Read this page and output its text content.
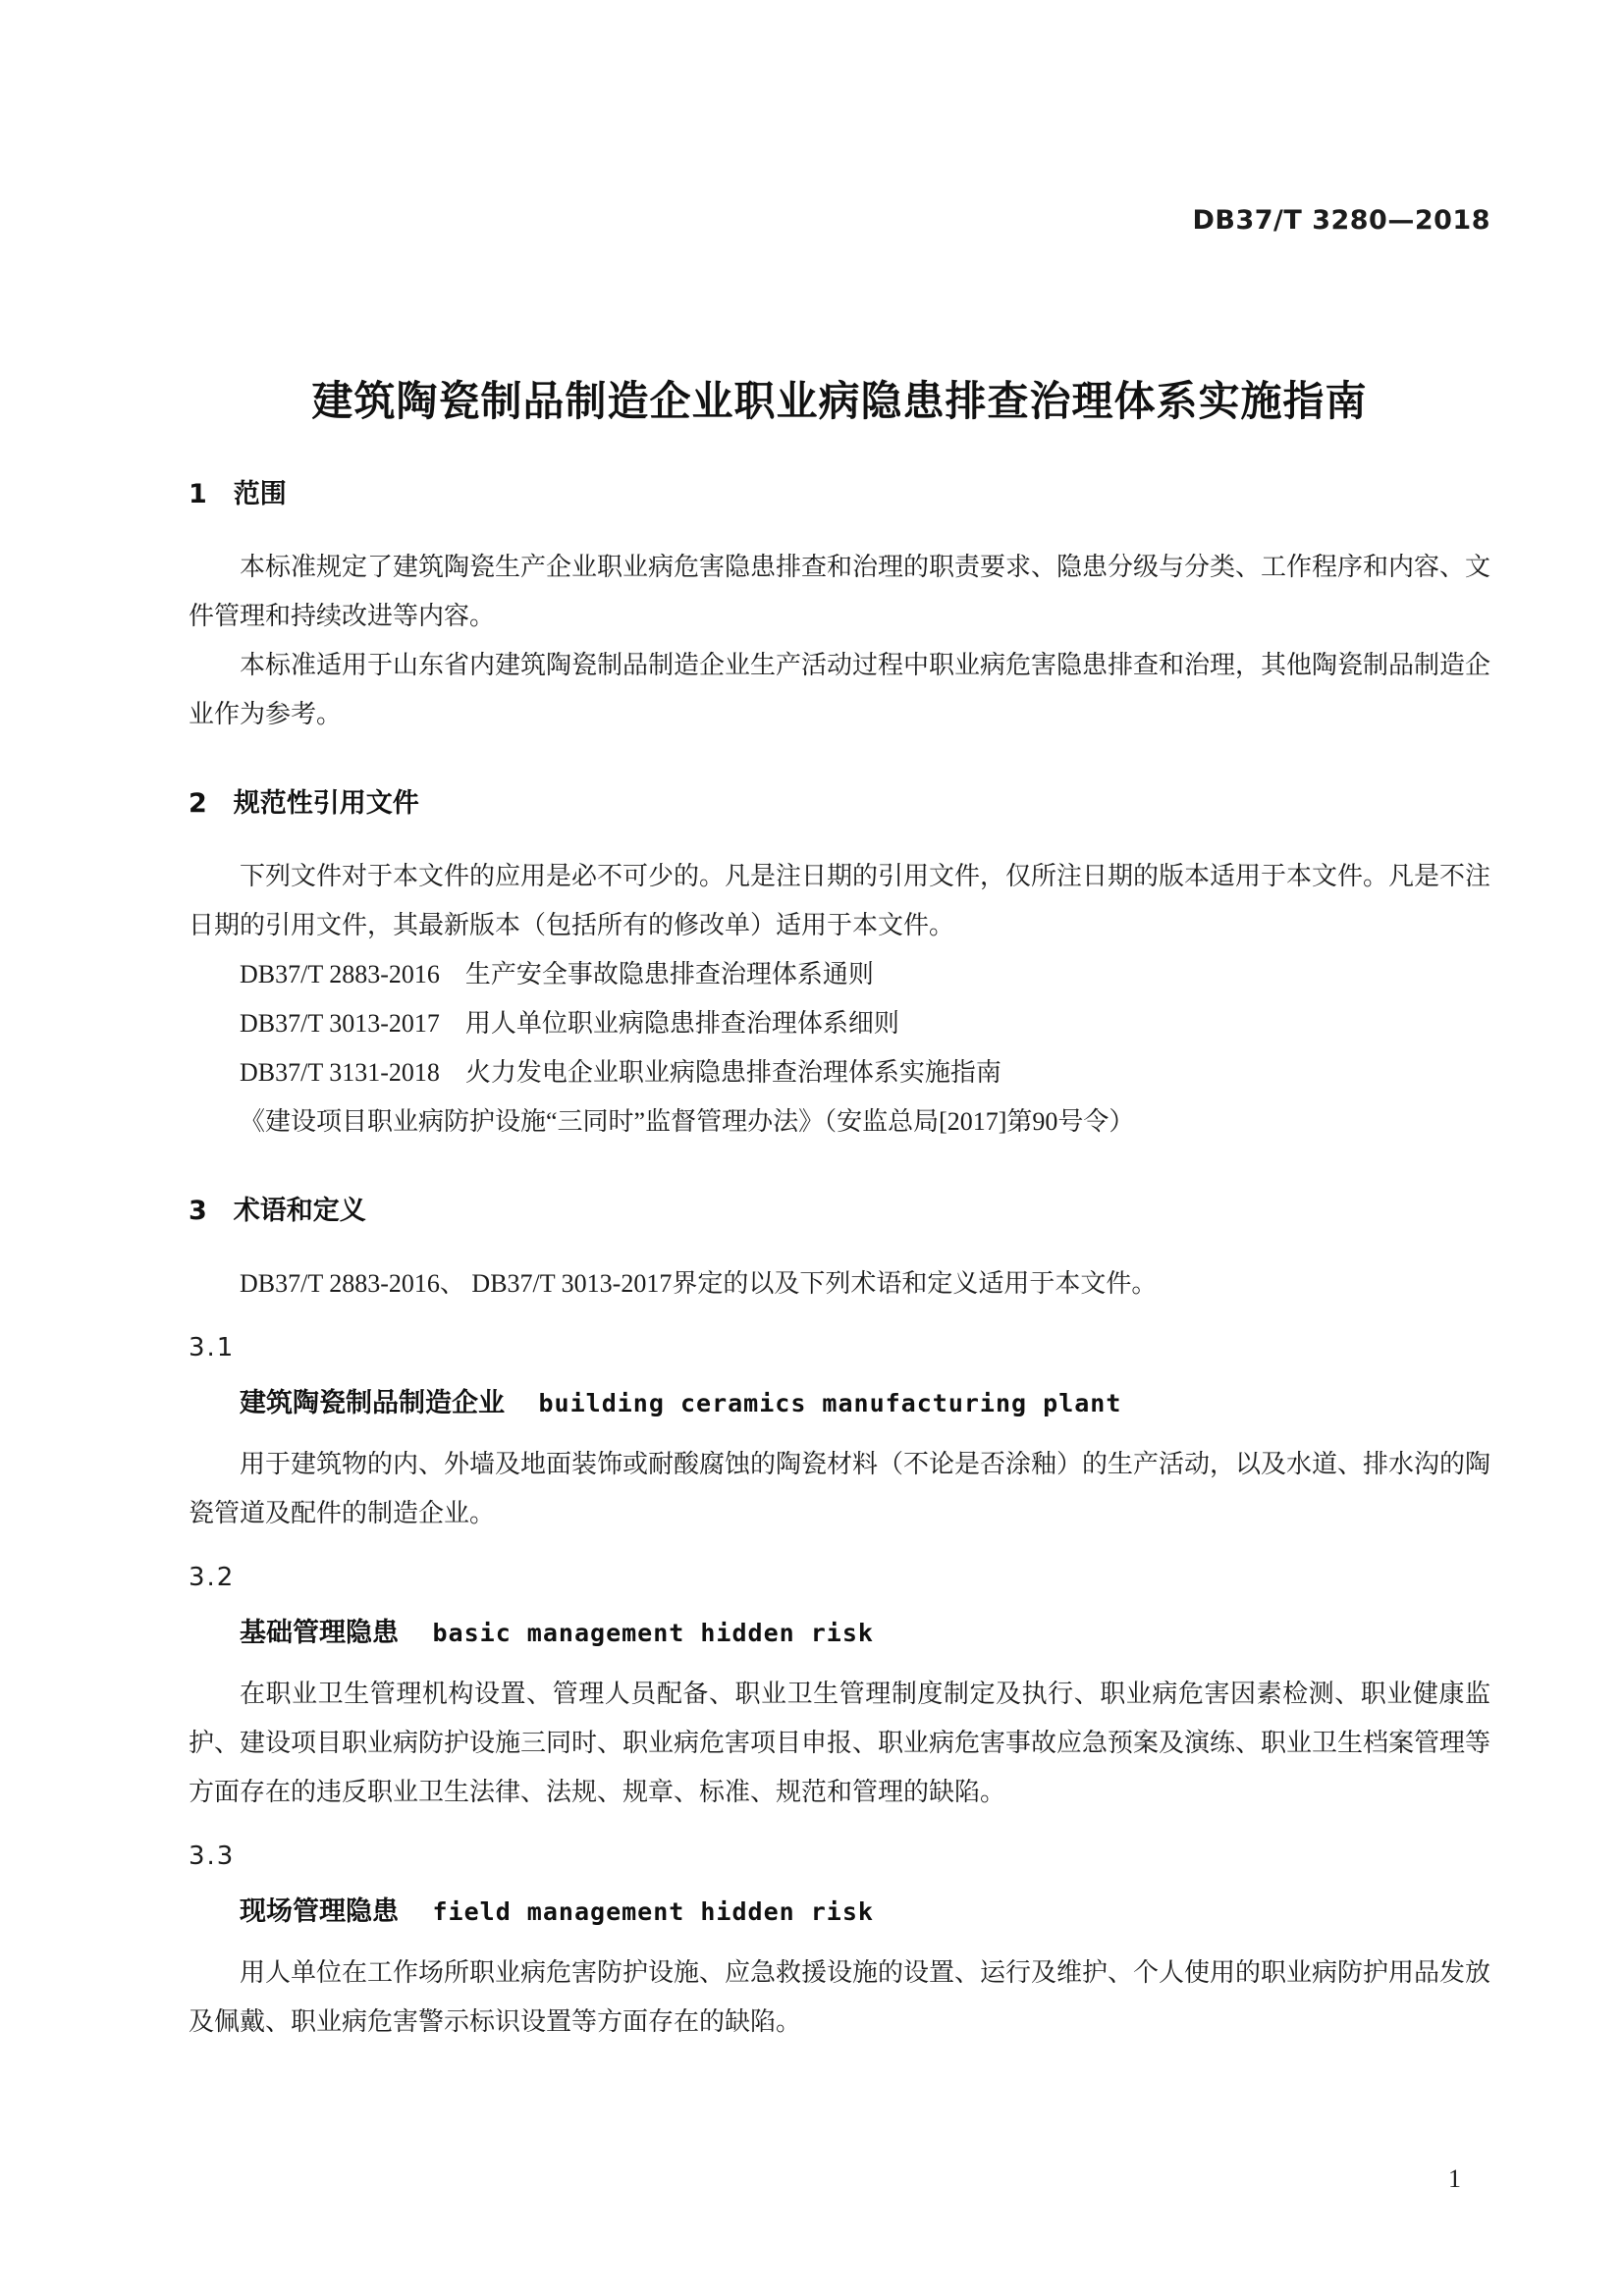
DB37/T 3280—2018
建筑陶瓷制品制造企业职业病隐患排查治理体系实施指南
1　范围

本标准规定了建筑陶瓷生产企业职业病危害隐患排查和治理的职责要求、隐患分级与分类、工作程序和内容、文件管理和持续改进等内容。

本标准适用于山东省内建筑陶瓷制品制造企业生产活动过程中职业病危害隐患排查和治理，其他陶瓷制品制造企业作为参考。

2　规范性引用文件

下列文件对于本文件的应用是必不可少的。凡是注日期的引用文件，仅所注日期的版本适用于本文件。凡是不注日期的引用文件，其最新版本（包括所有的修改单）适用于本文件。

DB37/T 2883-2016　生产安全事故隐患排查治理体系通则

DB37/T 3013-2017　用人单位职业病隐患排查治理体系细则

DB37/T 3131-2018　火力发电企业职业病隐患排查治理体系实施指南

《建设项目职业病防护设施“三同时”监督管理办法》（安监总局[2017]第90号令）

3　术语和定义

DB37/T 2883-2016、 DB37/T 3013-2017界定的以及下列术语和定义适用于本文件。

3.1

建筑陶瓷制品制造企业 building ceramics manufacturing plant

用于建筑物的内、外墙及地面装饰或耐酸腐蚀的陶瓷材料（不论是否涂釉）的生产活动，以及水道、排水沟的陶瓷管道及配件的制造企业。

3.2

基础管理隐患 basic management hidden risk

在职业卫生管理机构设置、管理人员配备、职业卫生管理制度制定及执行、职业病危害因素检测、职业健康监护、建设项目职业病防护设施三同时、职业病危害项目申报、职业病危害事故应急预案及演练、职业卫生档案管理等方面存在的违反职业卫生法律、法规、规章、标准、规范和管理的缺陷。

3.3

现场管理隐患 field management hidden risk

用人单位在工作场所职业病危害防护设施、应急救援设施的设置、运行及维护、个人使用的职业病防护用品发放及佩戴、职业病危害警示标识设置等方面存在的缺陷。

1
